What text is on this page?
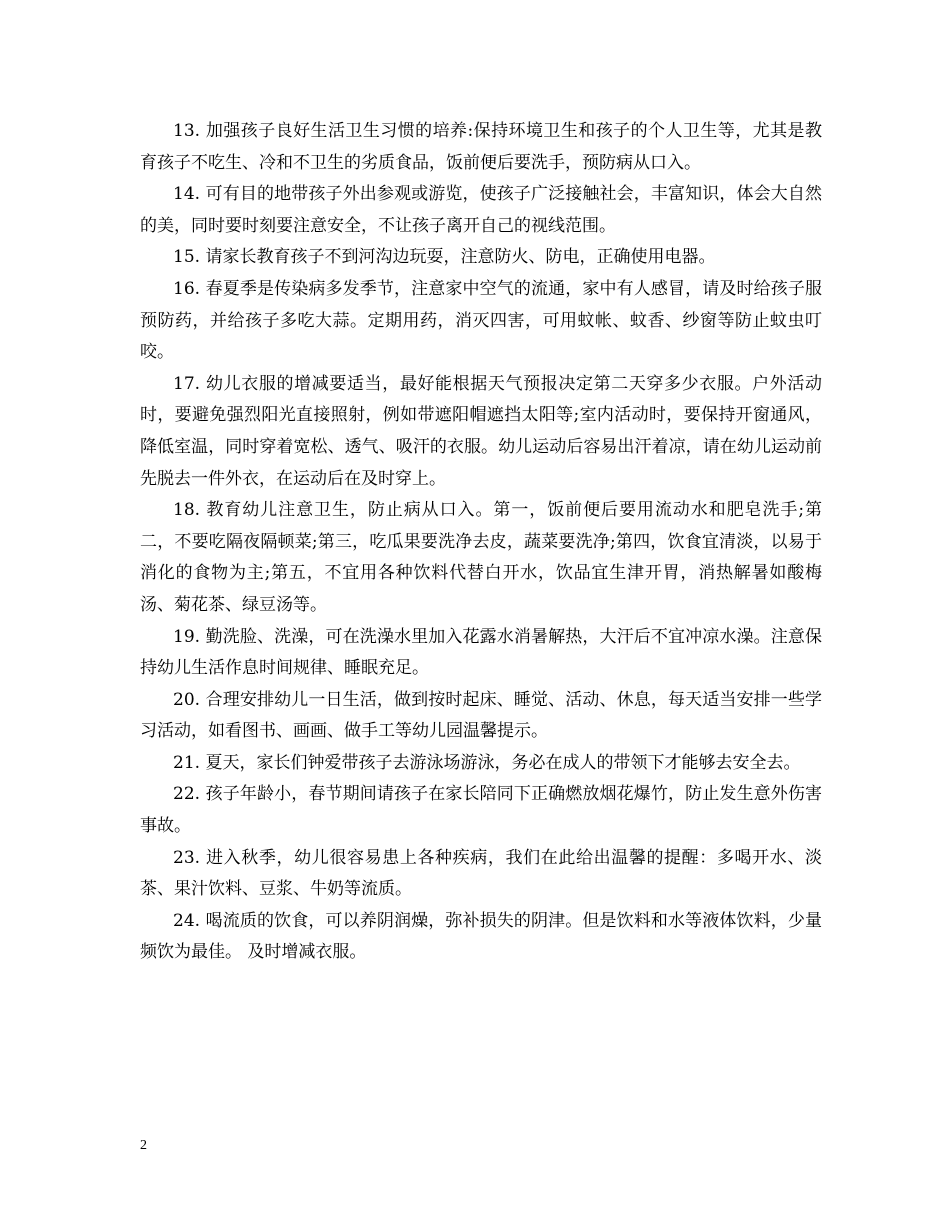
13. 加强孩子良好生活卫生习惯的培养:保持环境卫生和孩子的个人卫生等，尤其是教育孩子不吃生、冷和不卫生的劣质食品，饭前便后要洗手，预防病从口入。

14. 可有目的地带孩子外出参观或游览，使孩子广泛接触社会，丰富知识，体会大自然的美，同时要时刻要注意安全，不让孩子离开自己的视线范围。

15. 请家长教育孩子不到河沟边玩耍，注意防火、防电，正确使用电器。

16. 春夏季是传染病多发季节，注意家中空气的流通，家中有人感冒，请及时给孩子服预防药，并给孩子多吃大蒜。定期用药，消灭四害，可用蚊帐、蚊香、纱窗等防止蚊虫叮咬。

17. 幼儿衣服的增减要适当，最好能根据天气预报决定第二天穿多少衣服。户外活动时，要避免强烈阳光直接照射，例如带遮阳帽遮挡太阳等;室内活动时，要保持开窗通风，降低室温，同时穿着宽松、透气、吸汗的衣服。幼儿运动后容易出汗着凉，请在幼儿运动前先脱去一件外衣，在运动后在及时穿上。

18. 教育幼儿注意卫生，防止病从口入。第一，饭前便后要用流动水和肥皂洗手;第二，不要吃隔夜隔顿菜;第三，吃瓜果要洗净去皮，蔬菜要洗净;第四，饮食宜清淡，以易于消化的食物为主;第五，不宜用各种饮料代替白开水，饮品宜生津开胃，消热解暑如酸梅汤、菊花茶、绿豆汤等。

19. 勤洗脸、洗澡，可在洗澡水里加入花露水消暑解热，大汗后不宜冲凉水澡。注意保持幼儿生活作息时间规律、睡眠充足。

20. 合理安排幼儿一日生活，做到按时起床、睡觉、活动、休息，每天适当安排一些学习活动，如看图书、画画、做手工等幼儿园温馨提示。

21. 夏天，家长们钟爱带孩子去游泳场游泳，务必在成人的带领下才能够去安全去。

22. 孩子年龄小，春节期间请孩子在家长陪同下正确燃放烟花爆竹，防止发生意外伤害事故。

23. 进入秋季，幼儿很容易患上各种疾病，我们在此给出温馨的提醒：多喝开水、淡茶、果汁饮料、豆浆、牛奶等流质。

24. 喝流质的饮食，可以养阴润燥，弥补损失的阴津。但是饮料和水等液体饮料，少量频饮为最佳。 及时增减衣服。

2
